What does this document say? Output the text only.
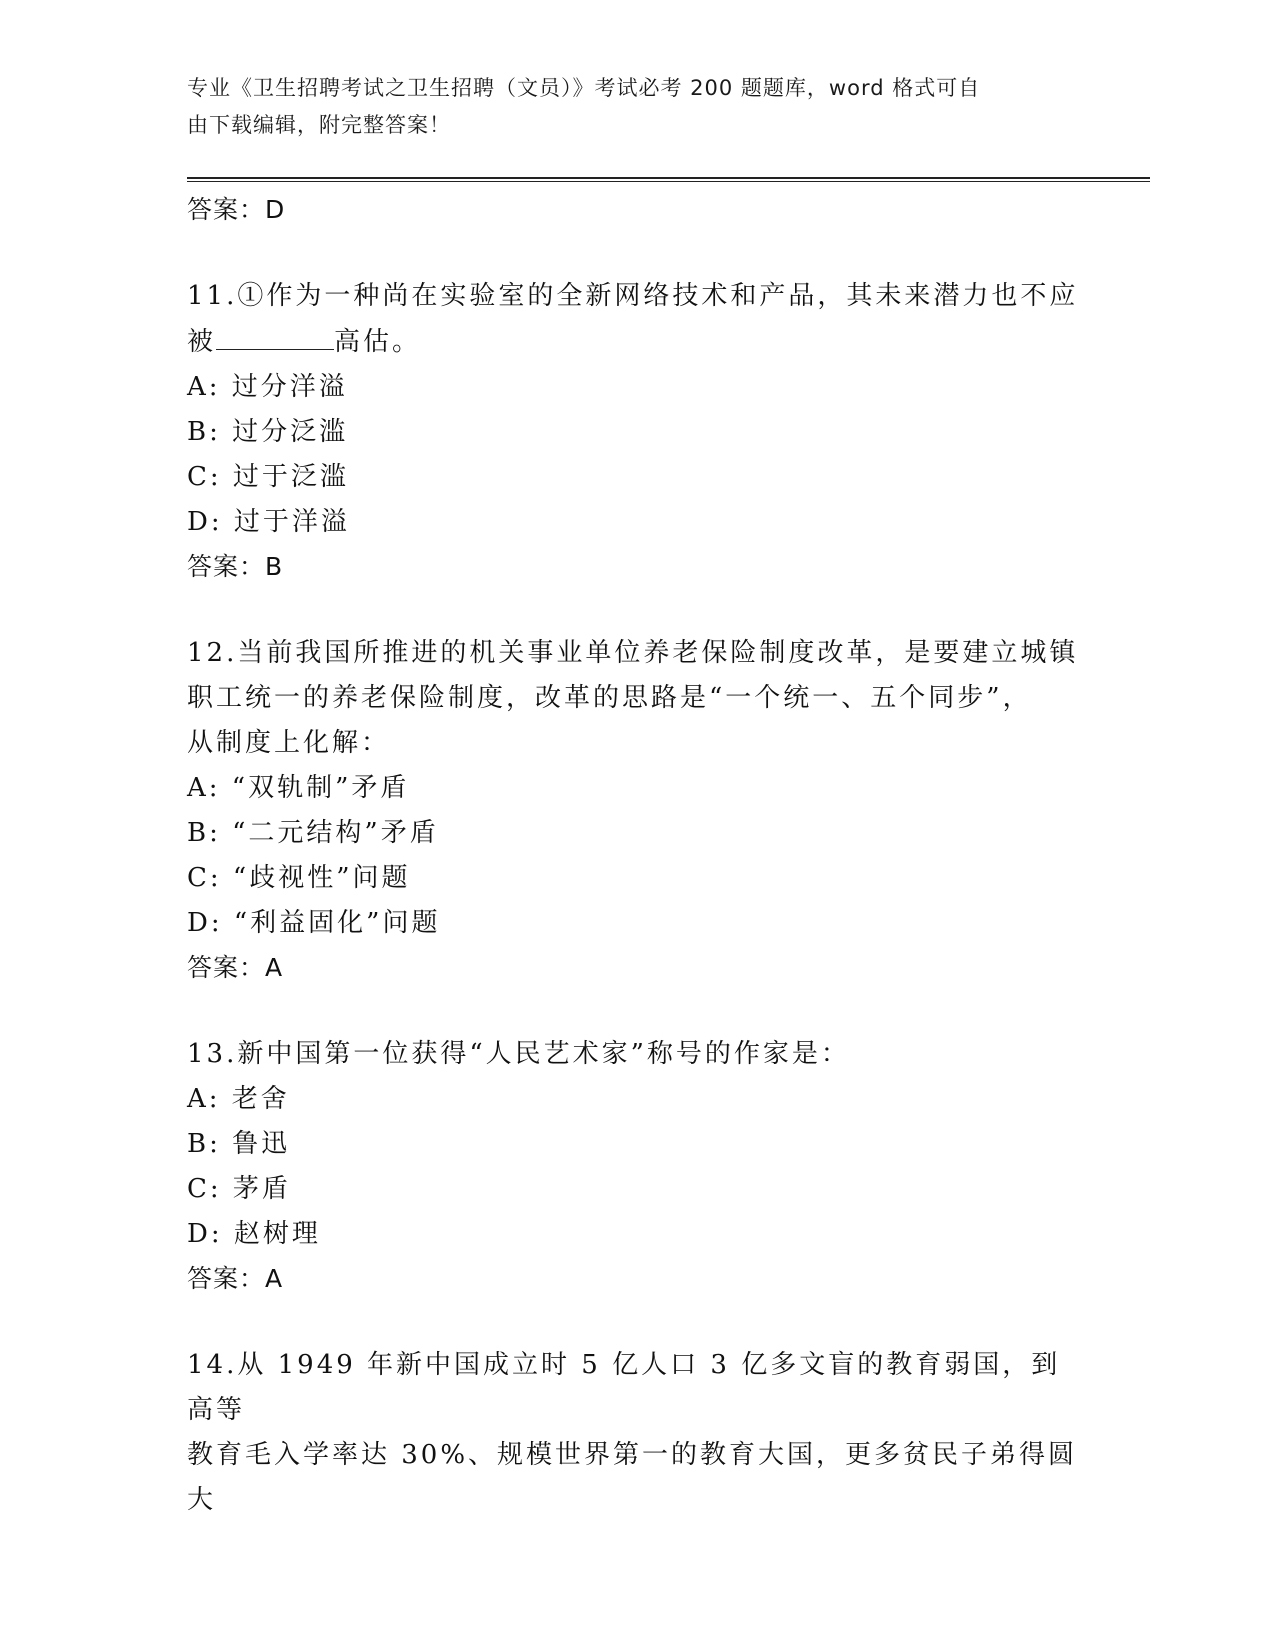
专业《卫生招聘考试之卫生招聘（文员）》考试必考 200 题题库，word 格式可自
由下载编辑，附完整答案！

答案：D

11.①作为一种尚在实验室的全新网络技术和产品，其未来潜力也不应

被	高估。

A: 过分洋溢

B: 过分泛滥

C: 过于泛滥

D: 过于洋溢

答案：B

12.当前我国所推进的机关事业单位养老保险制度改革，是要建立城镇

职工统一的养老保险制度，改革的思路是“一个统一、五个同步”，

从制度上化解：

A: “双轨制”矛盾

B: “二元结构”矛盾

C: “歧视性”问题

D: “利益固化”问题

答案：A

13.新中国第一位获得“人民艺术家”称号的作家是：

A: 老舍

B: 鲁迅

C: 茅盾

D: 赵树理

答案：A

14.从 1949 年新中国成立时 5 亿人口 3 亿多文盲的教育弱国，到高等

教育毛入学率达 30%、规模世界第一的教育大国，更多贫民子弟得圆大
